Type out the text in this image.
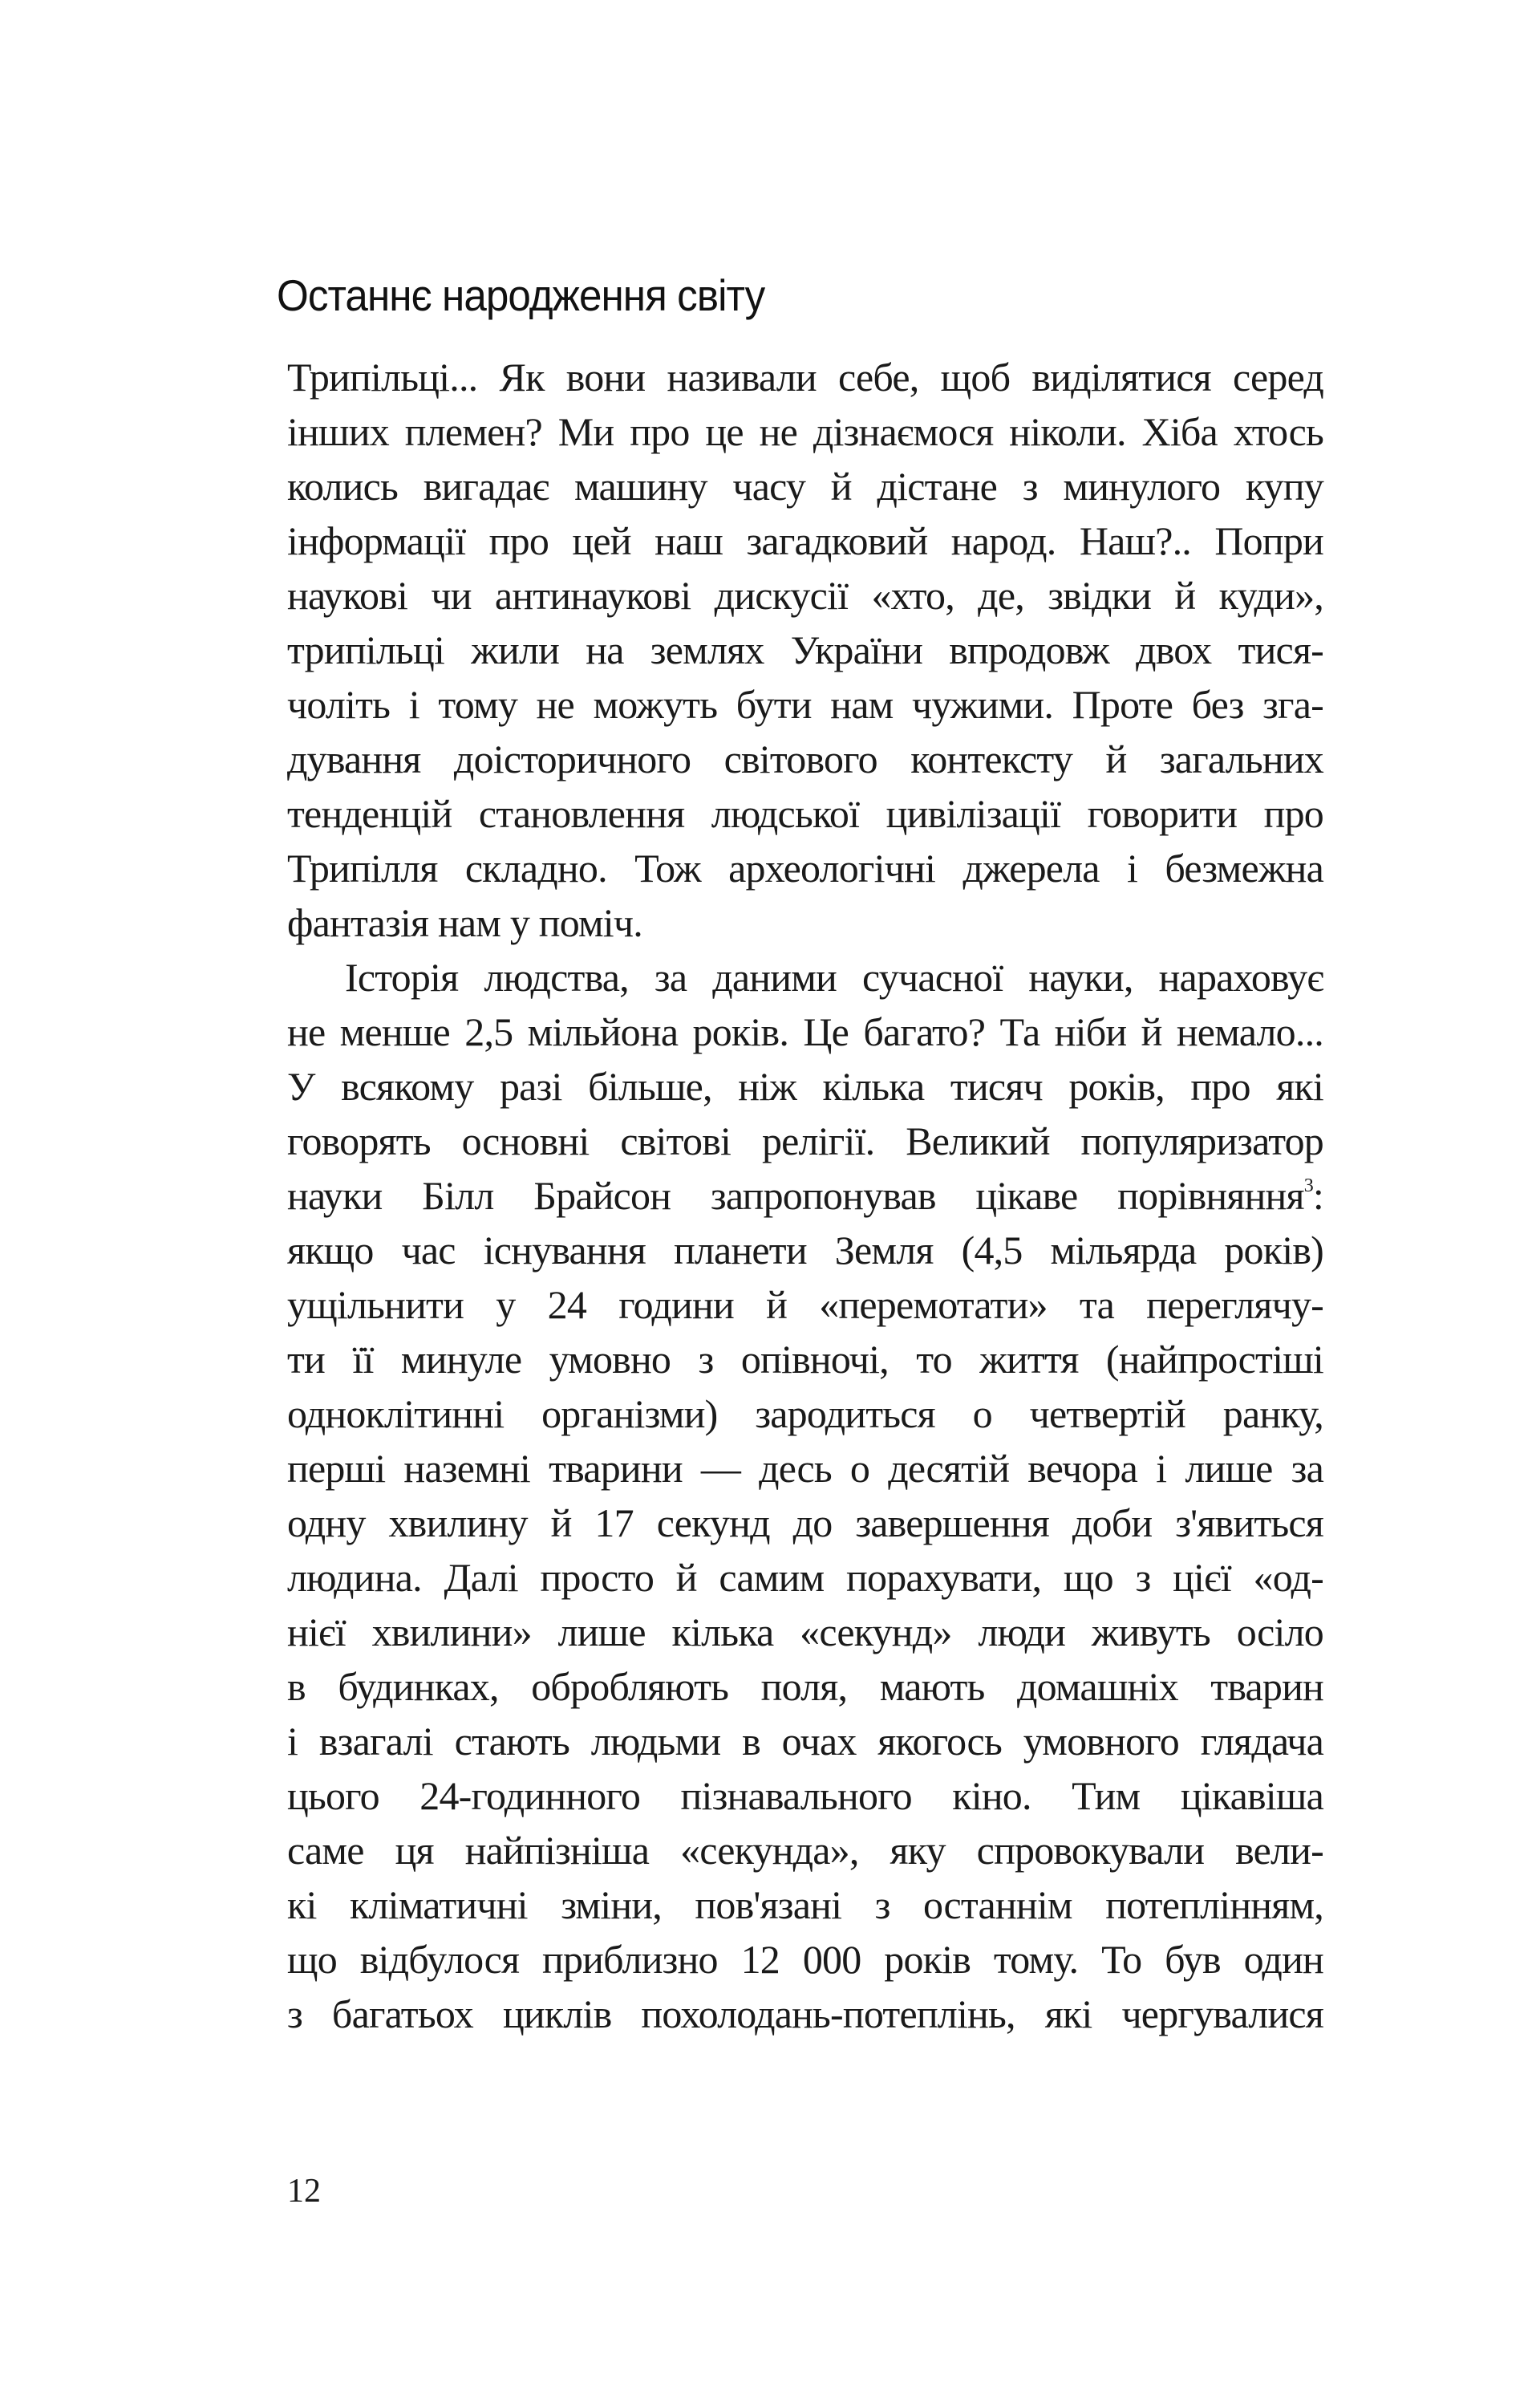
Останнє народження світу
Трипільці... Як вони називали себе, щоб виділятися серед
інших племен? Ми про це не дізнаємося ніколи. Хіба хтось
колись вигадає машину часу й дістане з минулого купу
інформації про цей наш загадковий народ. Наш?.. Попри
наукові чи антинаукові дискусії «хто, де, звідки й куди»,
трипільці жили на землях України впродовж двох тися-
чоліть і тому не можуть бути нам чужими. Проте без зга-
дування доісторичного світового контексту й загальних
тенденцій становлення людської цивілізації говорити про
Трипілля складно. Тож археологічні джерела і безмежна
фантазія нам у поміч.
Історія людства, за даними сучасної науки, нараховує
не менше 2,5 мільйона років. Це багато? Та ніби й немало...
У всякому разі більше, ніж кілька тисяч років, про які
говорять основні світові релігії. Великий популяризатор
науки Білл Брайсон запропонував цікаве порівняння$^3$:
якщо час існування планети Земля (4,5 мільярда років)
ущільнити у 24 години й «перемотати» та переглячу-
ти її минуле умовно з опівночі, то життя (найпростіші
одноклітинні організми) зародиться о четвертій ранку,
перші наземні тварини — десь о десятій вечора і лише за
одну хвилину й 17 секунд до завершення доби з'явиться
людина. Далі просто й самим порахувати, що з цієї «од-
нієї хвилини» лише кілька «секунд» люди живуть осіло
в будинках, обробляють поля, мають домашніх тварин
і взагалі стають людьми в очах якогось умовного глядача
цього 24-годинного пізнавального кіно. Тим цікавіша
саме ця найпізніша «секунда», яку спровокували вели-
кі кліматичні зміни, пов'язані з останнім потеплінням,
що відбулося приблизно 12 000 років тому. То був один
з багатьох циклів похолодань-потеплінь, які чергувалися
12
